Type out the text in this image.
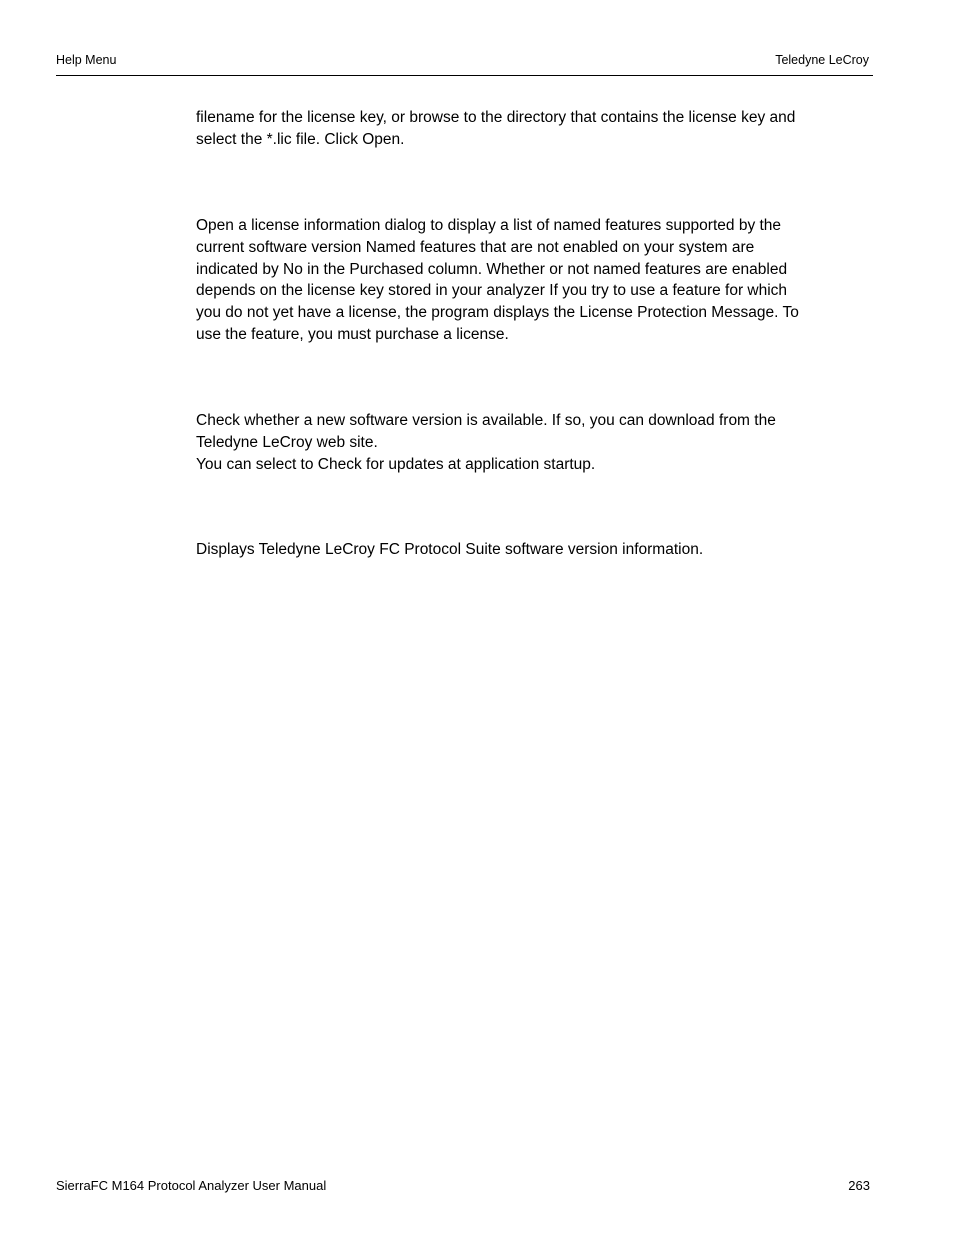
Help Menu	Teledyne LeCroy

filename for the license key, or browse to the directory that contains the license key and
select the *.lic file. Click Open.

Open a license information dialog to display a list of named features supported by the
current software version Named features that are not enabled on your system are
indicated by No in the Purchased column. Whether or not named features are enabled
depends on the license key stored in your analyzer If you try to use a feature for which
you do not yet have a license, the program displays the License Protection Message. To
use the feature, you must purchase a license.

Check whether a new software version is available. If so, you can download from the
Teledyne LeCroy web site.
You can select to Check for updates at application startup.

Displays Teledyne LeCroy FC Protocol Suite software version information.

SierraFC M164 Protocol Analyzer User Manual	263
